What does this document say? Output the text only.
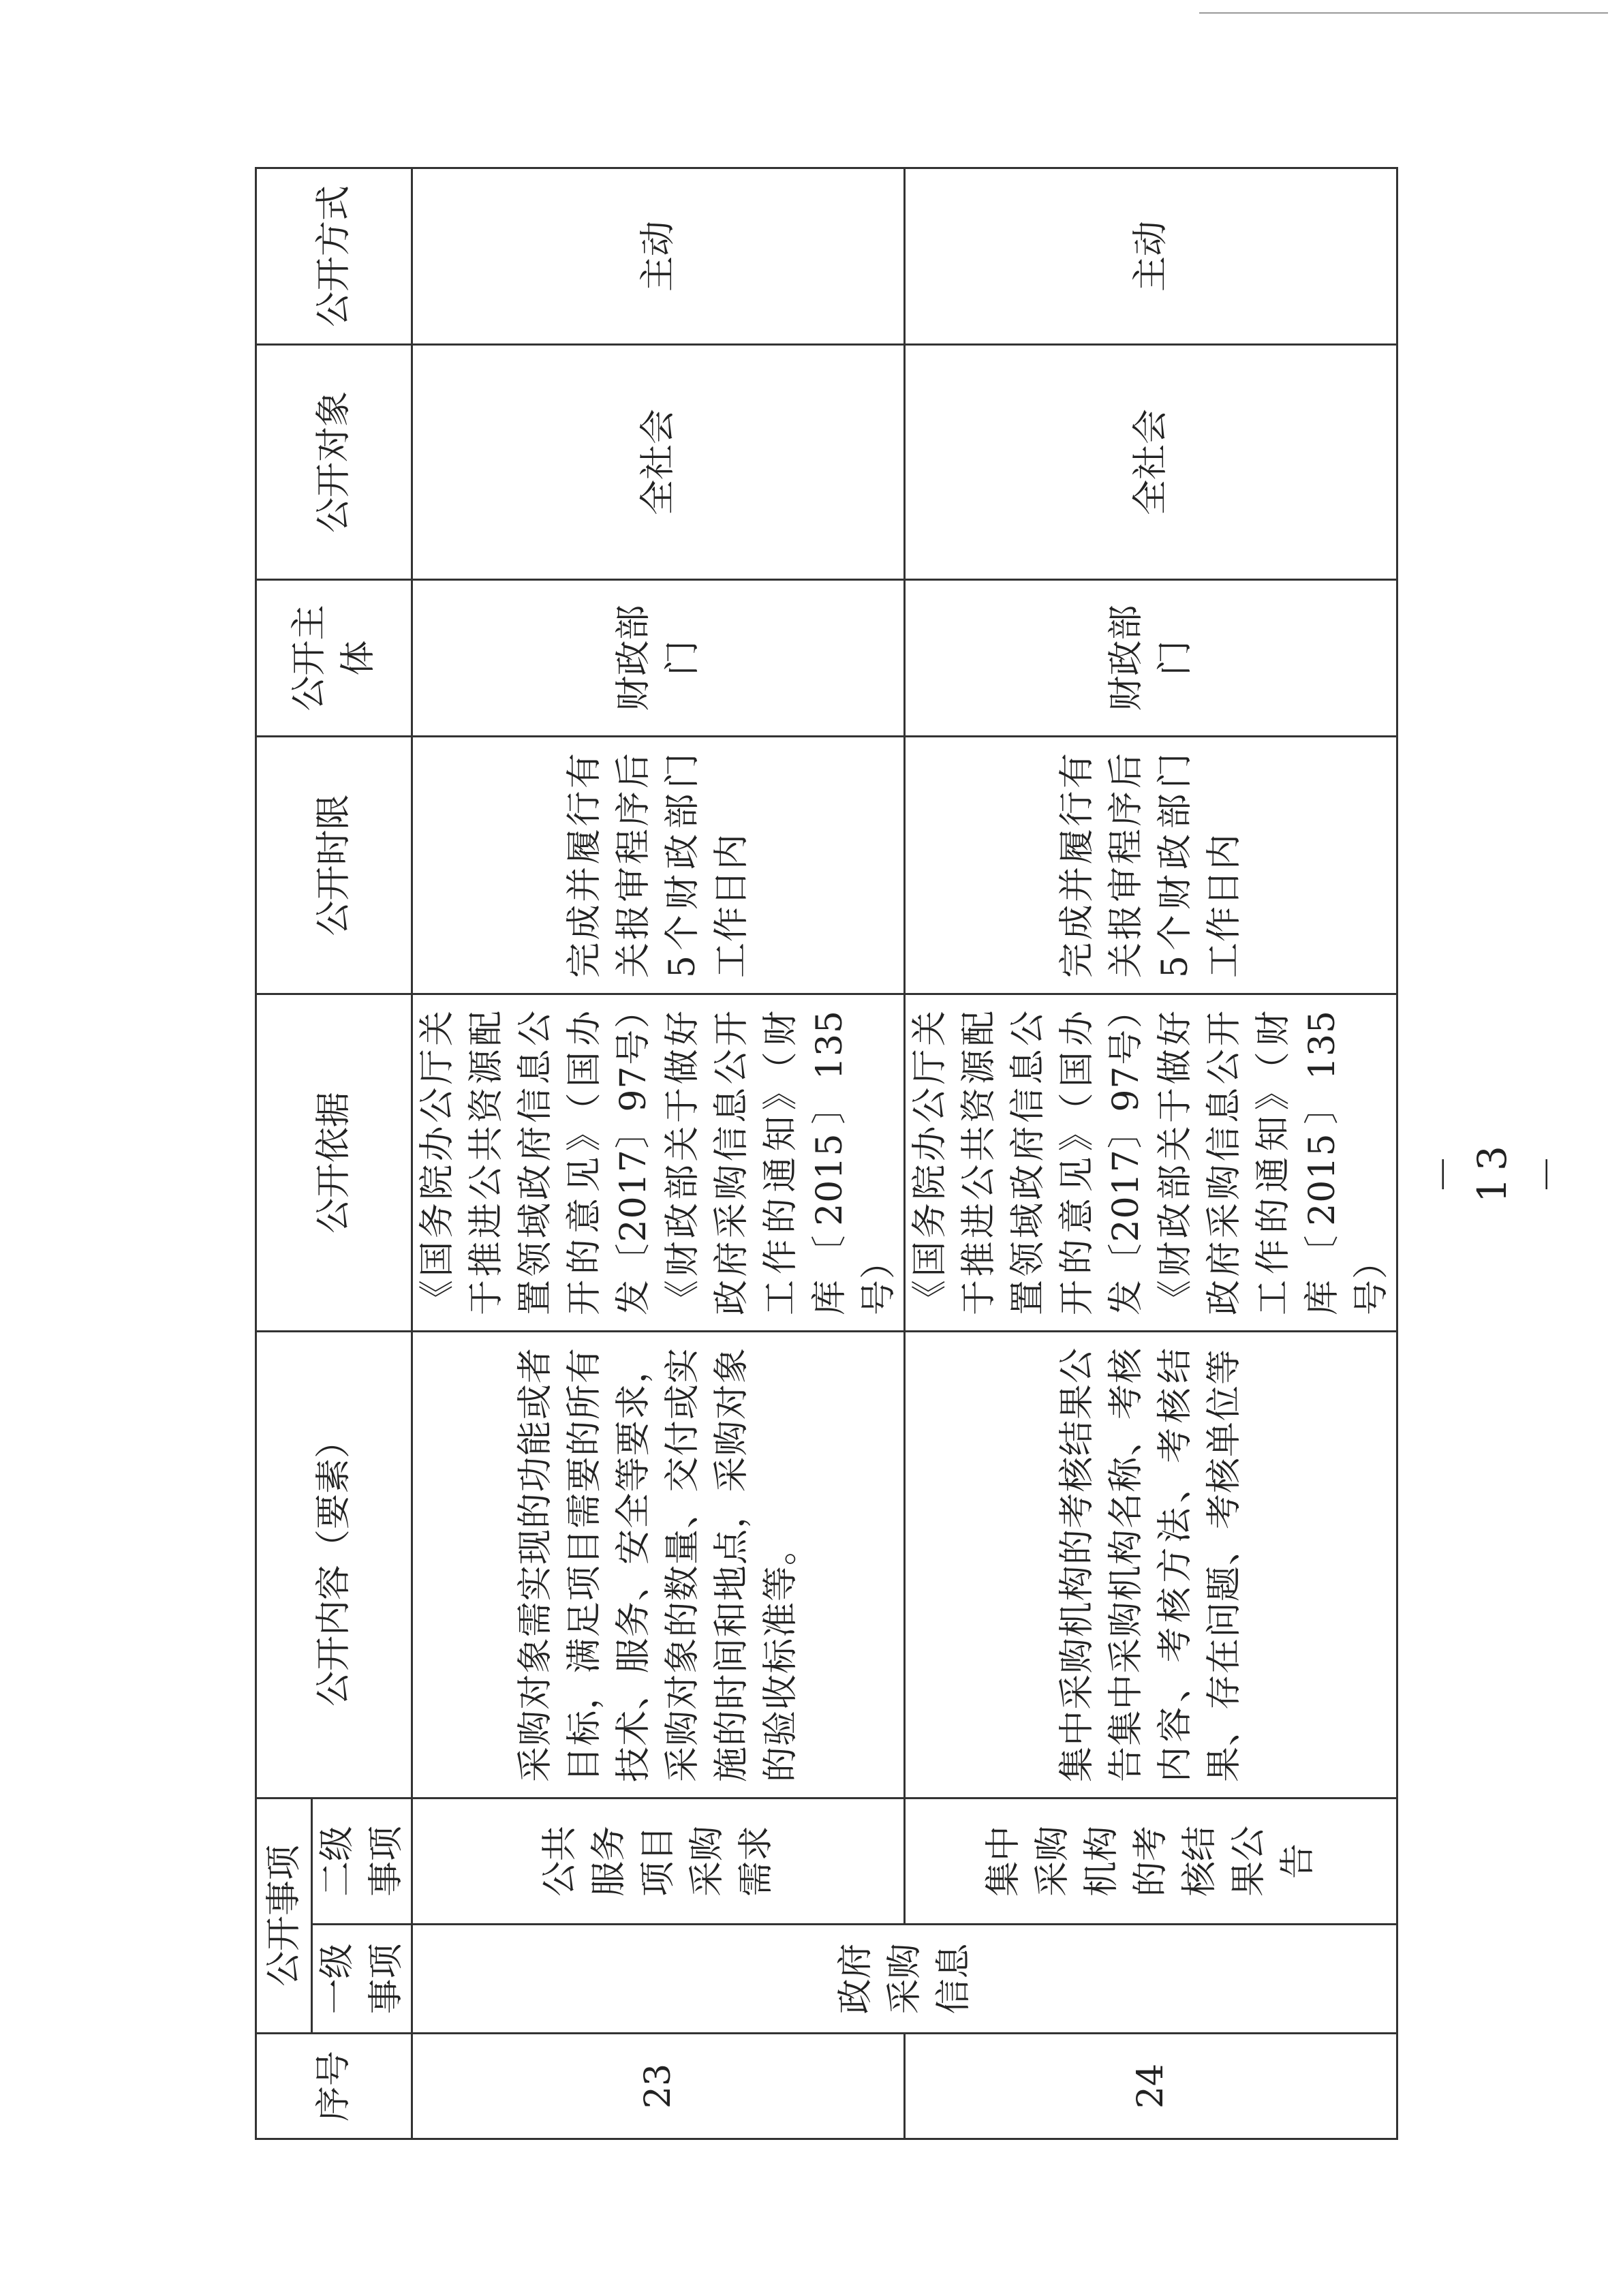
序号	公开事项		公开内容（要素）	公开依据	公开时限	公开主体	公开对象	公开方式
	一级事项	二级事项						
23	政府采购信息	公共服务项目采购需求	采购对象需实现的功能或者目标，满足项目需要的所有技术、服务、安全等要求，采购对象的数量、交付或实施的时间和地点，采购对象的验收标准等。	《国务院办公厅关于推进公共资源配置领域政府信息公开的意见》（国办发〔2017〕97号）《财政部关于做好政府采购信息公开工作的通知》（财库〔2015〕135号）	完成并履行有关报审程序后5个财政部门工作日内	财政部门	全社会	主动
24		集中采购机构的考核结果公告	集中采购机构的考核结果公告集中采购机构名称、考核内容、考核方法、考核结果、存在问题、考核单位等	《国务院办公厅关于推进公共资源配置领域政府信息公开的意见》（国办发〔2017〕97号）《财政部关于做好政府采购信息公开工作的通知》（财库〔2015〕135号）	完成并履行有关报审程序后5个财政部门工作日内	财政部门	全社会	主动
－ 13 －
